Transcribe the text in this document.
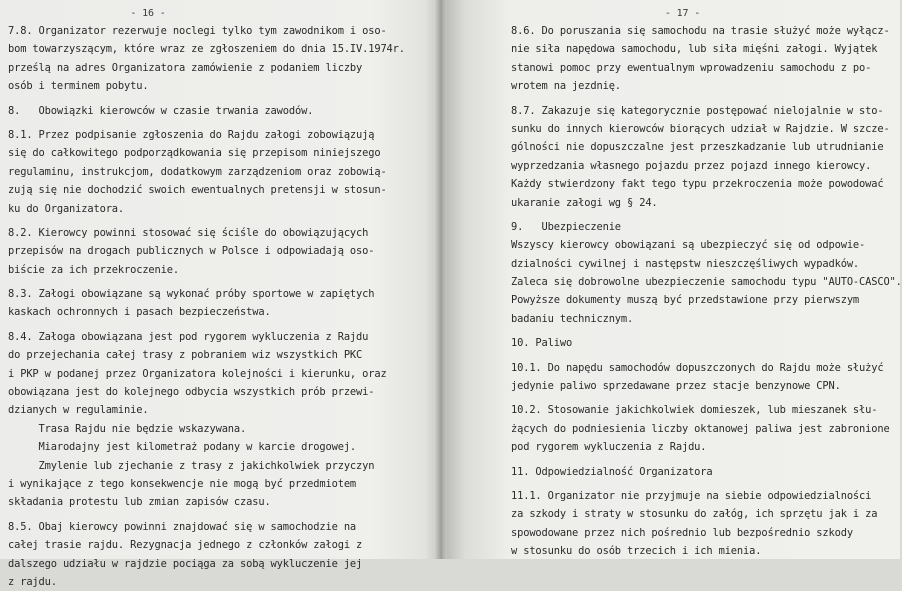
- 16 -
7.8. Organizator rezerwuje noclegi tylko tym zawodnikom i oso-
bom towarzyszącym, które wraz ze zgłoszeniem do dnia 15.IV.1974r.
prześlą na adres Organizatora zamówienie z podaniem liczby
osób i terminem pobytu.
8.   Obowiązki kierowców w czasie trwania zawodów.
8.1. Przez podpisanie zgłoszenia do Rajdu załogi zobowiązują
się do całkowitego podporządkowania się przepisom niniejszego
regulaminu, instrukcjom, dodatkowym zarządzeniom oraz zobowią-
zują się nie dochodzić swoich ewentualnych pretensji w stosun-
ku do Organizatora.
8.2. Kierowcy powinni stosować się ściśle do obowiązujących
przepisów na drogach publicznych w Polsce i odpowiadają oso-
biście za ich przekroczenie.
8.3. Załogi obowiązane są wykonać próby sportowe w zapiętych
kaskach ochronnych i pasach bezpieczeństwa.
8.4. Załoga obowiązana jest pod rygorem wykluczenia z Rajdu
do przejechania całej trasy z pobraniem wiz wszystkich PKC
i PKP w podanej przez Organizatora kolejności i kierunku, oraz
obowiązana jest do kolejnego odbycia wszystkich prób przewi-
dzianych w regulaminie.
Trasa Rajdu nie będzie wskazywana.
Miarodajny jest kilometraż podany w karcie drogowej.
Zmylenie lub zjechanie z trasy z jakichkolwiek przyczyn
i wynikające z tego konsekwencje nie mogą być przedmiotem
składania protestu lub zmian zapisów czasu.
8.5. Obaj kierowcy powinni znajdować się w samochodzie na
całej trasie rajdu. Rezygnacja jednego z członków załogi z
dalszego udziału w rajdzie pociąga za sobą wykluczenie jej
z rajdu.
- 17 -
8.6. Do poruszania się samochodu na trasie służyć może wyłącz-
nie siła napędowa samochodu, lub siła mięśni załogi. Wyjątek
stanowi pomoc przy ewentualnym wprowadzeniu samochodu z po-
wrotem na jezdnię.
8.7. Zakazuje się kategorycznie postępować nielojalnie w sto-
sunku do innych kierowców biorących udział w Rajdzie. W szcze-
gólności nie dopuszczalne jest przeszkadzanie lub utrudnianie
wyprzedzania własnego pojazdu przez pojazd innego kierowcy.
Każdy stwierdzony fakt tego typu przekroczenia może powodować
ukaranie załogi wg § 24.
9.   Ubezpieczenie
Wszyscy kierowcy obowiązani są ubezpieczyć się od odpowie-
dzialności cywilnej i następstw nieszczęśliwych wypadków.
Zaleca się dobrowolne ubezpieczenie samochodu typu "AUTO-CASCO".
Powyższe dokumenty muszą być przedstawione przy pierwszym
badaniu technicznym.
10. Paliwo
10.1. Do napędu samochodów dopuszczonych do Rajdu może służyć
jedynie paliwo sprzedawane przez stacje benzynowe CPN.
10.2. Stosowanie jakichkolwiek domieszek, lub mieszanek słu-
żących do podniesienia liczby oktanowej paliwa jest zabronione
pod rygorem wykluczenia z Rajdu.
11. Odpowiedzialność Organizatora
11.1. Organizator nie przyjmuje na siebie odpowiedzialności
za szkody i straty w stosunku do załóg, ich sprzętu jak i za
spowodowane przez nich pośrednio lub bezpośrednio szkody
w stosunku do osób trzecich i ich mienia.
